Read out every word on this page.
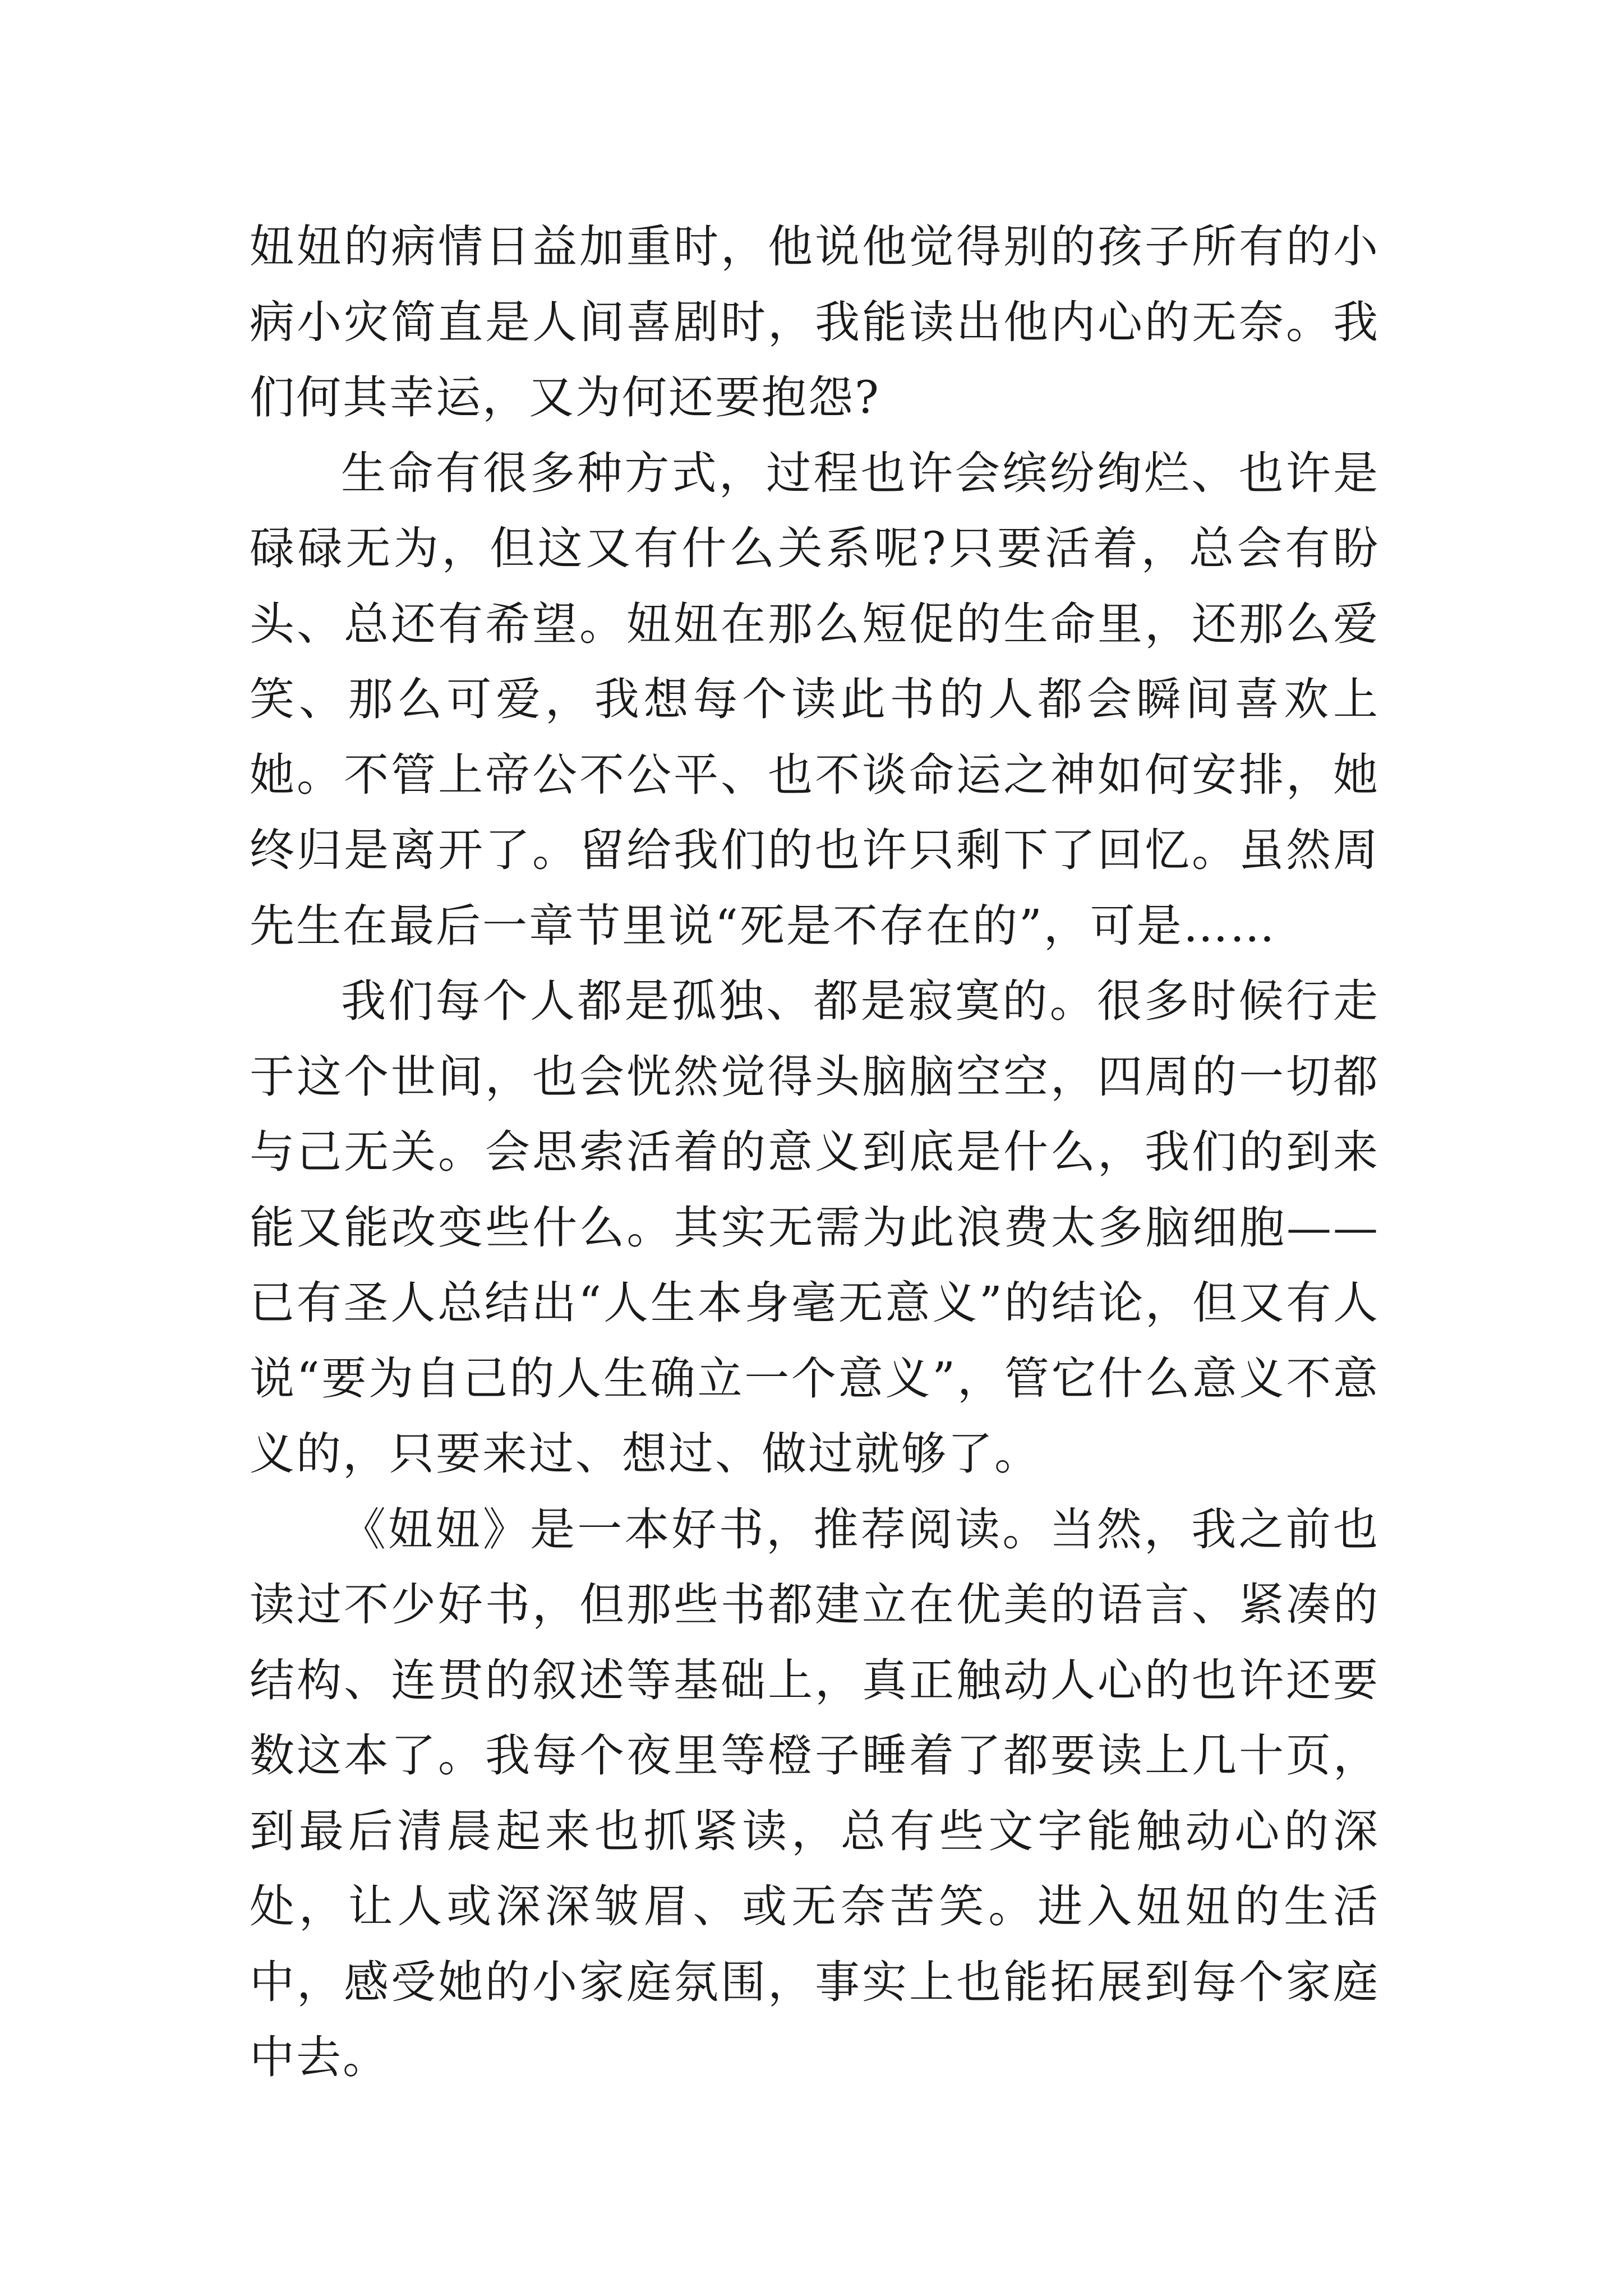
妞妞的病情日益加重时，他说他觉得别的孩子所有的小病小灾简直是人间喜剧时，我能读出他内心的无奈。我们何其幸运，又为何还要抱怨?

生命有很多种方式，过程也许会缤纷绚烂、也许是碌碌无为，但这又有什么关系呢?只要活着，总会有盼头、总还有希望。妞妞在那么短促的生命里，还那么爱笑、那么可爱，我想每个读此书的人都会瞬间喜欢上她。不管上帝公不公平、也不谈命运之神如何安排，她终归是离开了。留给我们的也许只剩下了回忆。虽然周先生在最后一章节里说“死是不存在的”，可是……

我们每个人都是孤独、都是寂寞的。很多时候行走于这个世间，也会恍然觉得头脑脑空空，四周的一切都与己无关。会思索活着的意义到底是什么，我们的到来能又能改变些什么。其实无需为此浪费太多脑细胞——已有圣人总结出“人生本身毫无意义”的结论，但又有人说“要为自己的人生确立一个意义”，管它什么意义不意义的，只要来过、想过、做过就够了。

《妞妞》是一本好书，推荐阅读。当然，我之前也读过不少好书，但那些书都建立在优美的语言、紧凑的结构、连贯的叙述等基础上，真正触动人心的也许还要数这本了。我每个夜里等橙子睡着了都要读上几十页，到最后清晨起来也抓紧读，总有些文字能触动心的深处，让人或深深皱眉、或无奈苦笑。进入妞妞的生活中，感受她的小家庭氛围，事实上也能拓展到每个家庭中去。
